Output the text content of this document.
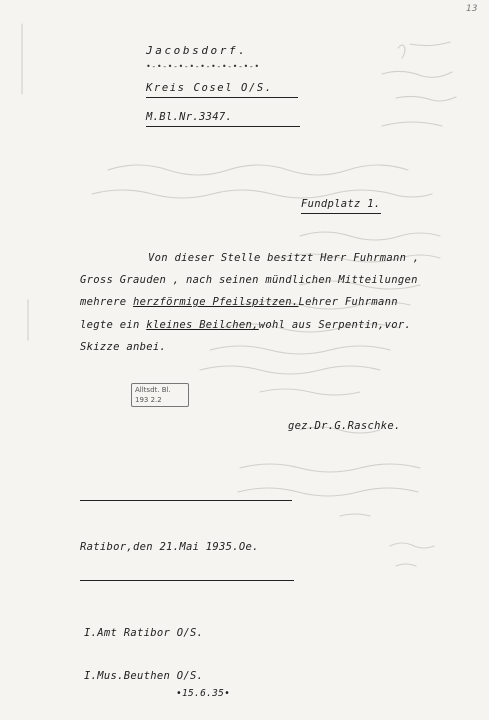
13
Jacobsdorf.
•-•-•-•-•-•-•-•-•-•-•
Kreis Cosel O/S.
M.Bl.Nr.3347.
Fundplatz 1.
Von dieser Stelle besitzt Herr Fuhrmann ,
Gross Grauden , nach seinen mündlichen Mitteilungen
mehrere herzförmige Pfeilspitzen.Lehrer Fuhrmann
legte ein kleines Beilchen,wohl aus Serpentin,vor.
Skizze anbei.
Alltsdt. Bl.
193 2.2
gez.Dr.G.Raschke.
Ratibor,den 21.Mai 1935.Oe.
I.Amt Ratibor O/S.
I.Mus.Beuthen O/S.
•15.6.35•
